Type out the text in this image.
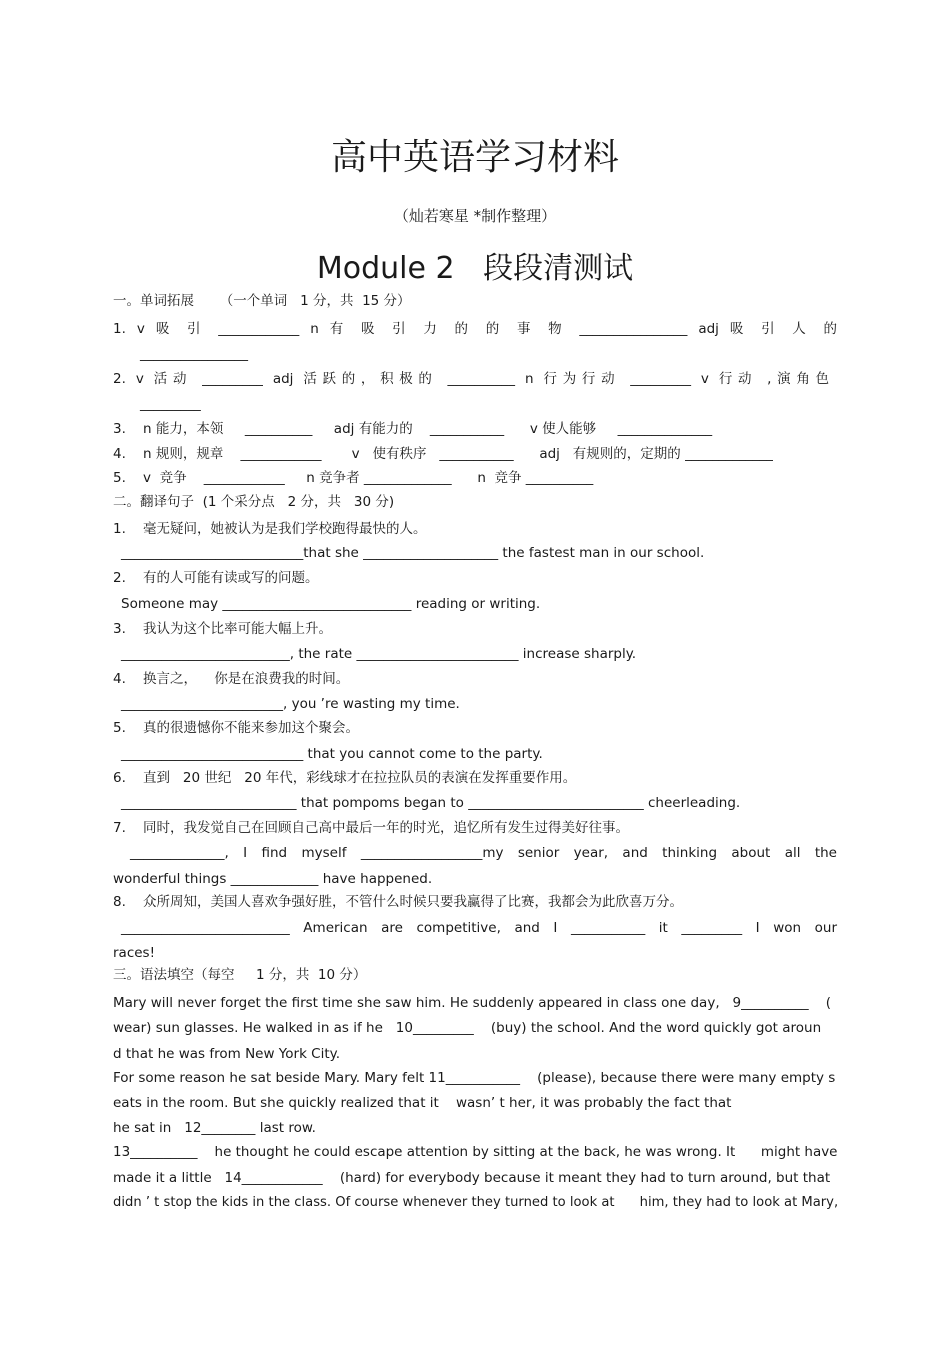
高中英语学习材料
（灿若寒星 *制作整理）
Module 2   段段清测试
一。单词拓展      （一个单词   1 分，共  15 分）
1. v 吸 引 ____________ n 有 吸 引 力 的 的 事 物 ________________ adj 吸 引 人 的
________________
2. v 活动 _________ adj 活跃的，积极的 __________ n 行为行动 _________ v 行动 ,演角色
_________
3.    n 能力，本领     __________     adj 有能力的    ___________      v 使人能够     ______________
4.    n 规则，规章    ____________       v   使有秩序   ___________      adj   有规则的，定期的 _____________
5.    v  竞争    ____________     n 竞争者 _____________      n  竞争 __________
二。翻译句子  (1 个采分点   2 分，共   30 分)
1.    毫无疑问，她被认为是我们学校跑得最快的人。
___________________________that she ____________________ the fastest man in our school.
2.    有的人可能有读或写的问题。
Someone may ____________________________ reading or writing.
3.    我认为这个比率可能大幅上升。
_________________________, the rate ________________________ increase sharply.
4.    换言之，    你是在浪费我的时间。
________________________, you ’re wasting my time.
5.    真的很遗憾你不能来参加这个聚会。
___________________________ that you cannot come to the party.
6.    直到   20 世纪   20 年代，彩线球才在拉拉队员的表演在发挥重要作用。
__________________________ that pompoms began to __________________________ cheerleading.
7.    同时，我发觉自己在回顾自己高中最后一年的时光，追忆所有发生过得美好往事。
______________, I find myself __________________my senior year, and thinking about all the
wonderful things _____________ have happened.
8.    众所周知，美国人喜欢争强好胜，不管什么时候只要我赢得了比赛，我都会为此欣喜万分。
_________________________ American are competitive, and I ___________ it _________ I won our
races!
三。语法填空（每空     1 分，共  10 分）
Mary will never forget the first time she saw him. He suddenly appeared in class one day,   9__________    (
wear) sun glasses. He walked in as if he   10_________    (buy) the school. And the word quickly got aroun
d that he was from New York City.
For some reason he sat beside Mary. Mary felt 11___________    (please), because there were many empty s
eats in the room. But she quickly realized that it    wasn’ t her, it was probably the fact that
he sat in   12________ last row.
13__________    he thought he could escape attention by sitting at the back, he was wrong. It      might have
made it a little   14____________    (hard) for everybody because it meant they had to turn around, but that
didn ’ t stop the kids in the class. Of course whenever they turned to look at      him, they had to look at Mary,
